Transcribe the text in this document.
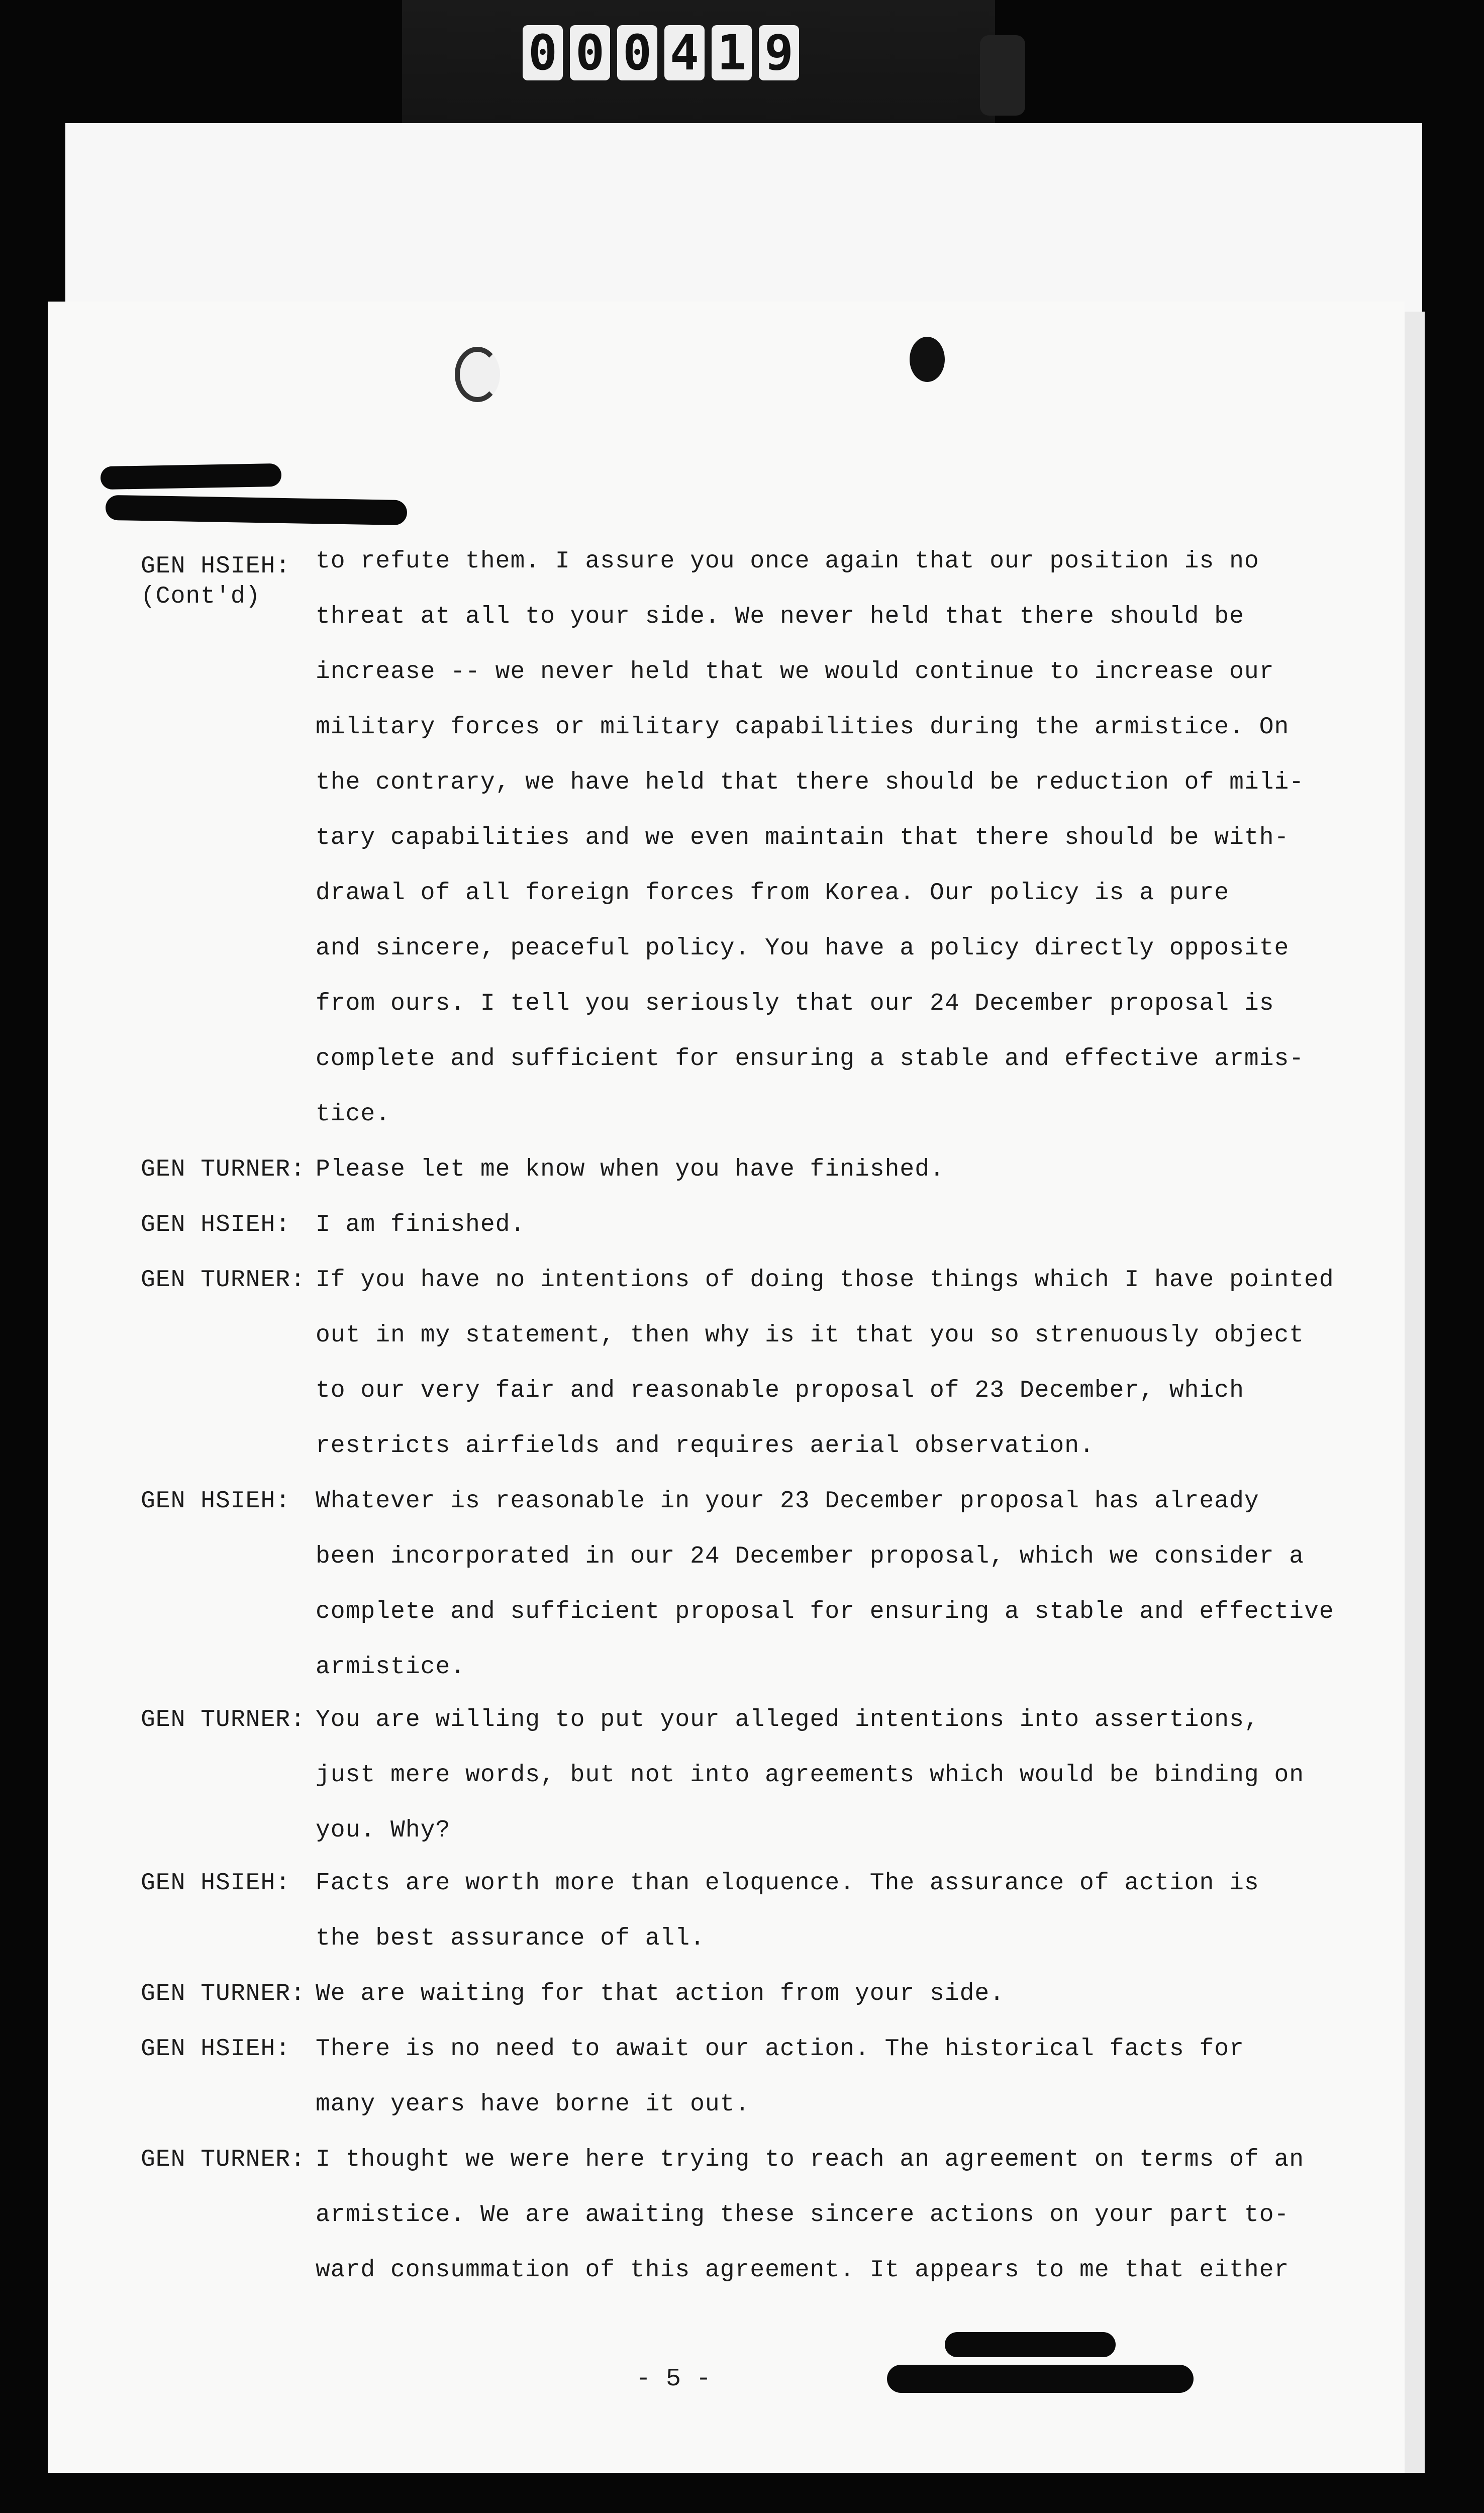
0 0 0 4 1 9
GEN HSIEH:
(Cont'd)
GEN TURNER:
GEN HSIEH:
GEN TURNER:
GEN HSIEH:
GEN TURNER:
GEN HSIEH:
GEN TURNER:
GEN HSIEH:
GEN TURNER:
to refute them. I assure you once again that our position is no
threat at all to your side. We never held that there should be
increase -- we never held that we would continue to increase our
military forces or military capabilities during the armistice. On
the contrary, we have held that there should be reduction of mili-
tary capabilities and we even maintain that there should be with-
drawal of all foreign forces from Korea. Our policy is a pure
and sincere, peaceful policy. You have a policy directly opposite
from ours. I tell you seriously that our 24 December proposal is
complete and sufficient for ensuring a stable and effective armis-
tice.
Please let me know when you have finished.
I am finished.
If you have no intentions of doing those things which I have pointed
out in my statement, then why is it that you so strenuously object
to our very fair and reasonable proposal of 23 December, which
restricts airfields and requires aerial observation.
Whatever is reasonable in your 23 December proposal has already
been incorporated in our 24 December proposal, which we consider a
complete and sufficient proposal for ensuring a stable and effective
armistice.
You are willing to put your alleged intentions into assertions,
just mere words, but not into agreements which would be binding on
you. Why?
Facts are worth more than eloquence. The assurance of action is
the best assurance of all.
We are waiting for that action from your side.
There is no need to await our action. The historical facts for
many years have borne it out.
I thought we were here trying to reach an agreement on terms of an
armistice. We are awaiting these sincere actions on your part to-
ward consummation of this agreement. It appears to me that either
- 5 -
